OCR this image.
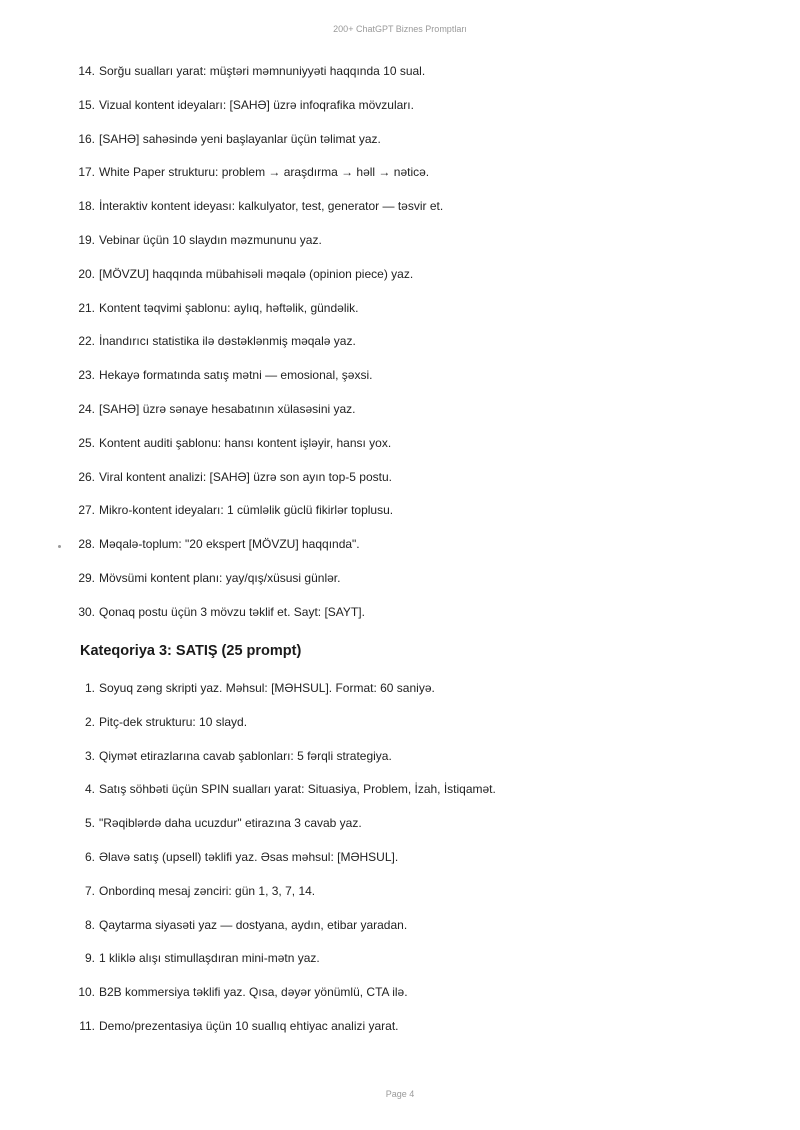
200+ ChatGPT Biznes Promptları
14. Sorğu sualları yarat: müştəri məmnuniyyəti haqqında 10 sual.
15. Vizual kontent ideyaları: [SAHƏ] üzrə infoqrafika mövzuları.
16. [SAHƏ] sahəsində yeni başlayanlar üçün təlimat yaz.
17. White Paper strukturu: problem → araşdırma → həll → nəticə.
18. İnteraktiv kontent ideyası: kalkulyator, test, generator — təsvir et.
19. Vebinar üçün 10 slaydın məzmununu yaz.
20. [MÖVZU] haqqında mübahisəli məqalə (opinion piece) yaz.
21. Kontent təqvimi şablonu: aylıq, həftəlik, gündəlik.
22. İnandırıcı statistika ilə dəstəklənmiş məqalə yaz.
23. Hekayə formatında satış mətni — emosional, şəxsi.
24. [SAHƏ] üzrə sənaye hesabatının xülasəsini yaz.
25. Kontent auditi şablonu: hansı kontent işləyir, hansı yox.
26. Viral kontent analizi: [SAHƏ] üzrə son ayın top-5 postu.
27. Mikro-kontent ideyaları: 1 cümləlik güclü fikirlər toplusu.
28. Məqalə-toplum: "20 ekspert [MÖVZU] haqqında".
29. Mövsümi kontent planı: yay/qış/xüsusi günlər.
30. Qonaq postu üçün 3 mövzu təklif et. Sayt: [SAYT].
Kateqoriya 3: SATIŞ (25 prompt)
1. Soyuq zəng skripti yaz. Məhsul: [MƏHSUL]. Format: 60 saniyə.
2. Pitç-dek strukturu: 10 slayd.
3. Qiymət etirazlarına cavab şablonları: 5 fərqli strategiya.
4. Satış söhbəti üçün SPIN sualları yarat: Situasiya, Problem, İzah, İstiqamət.
5. "Rəqiblərdə daha ucuzdur" etirazına 3 cavab yaz.
6. Əlavə satış (upsell) təklifi yaz. Əsas məhsul: [MƏHSUL].
7. Onbordinq mesaj zənciri: gün 1, 3, 7, 14.
8. Qaytarma siyasəti yaz — dostyana, aydın, etibar yaradan.
9. 1 kliklə alışı stimullaşdıran mini-mətn yaz.
10. B2B kommersiya təklifi yaz. Qısa, dəyər yönümlü, CTA ilə.
11. Demo/prezentasiya üçün 10 suallıq ehtiyac analizi yarat.
Page 4
